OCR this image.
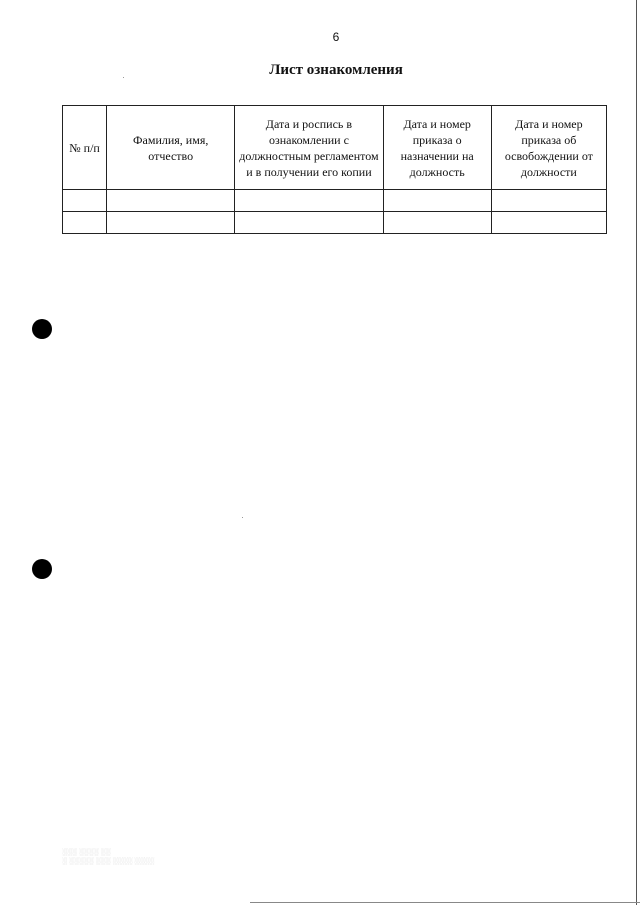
6
Лист ознакомления
№ п/п	Фамилия, имя, отчество	Дата и роспись в ознакомлении с должностным регламентом и в получении его копии	Дата и номер приказа о назначении на должность	Дата и номер приказа об освобождении от должности

░░░ ░░░░ ░░
░ ░░░░░ ░░░ ░░░░ ░░░░
